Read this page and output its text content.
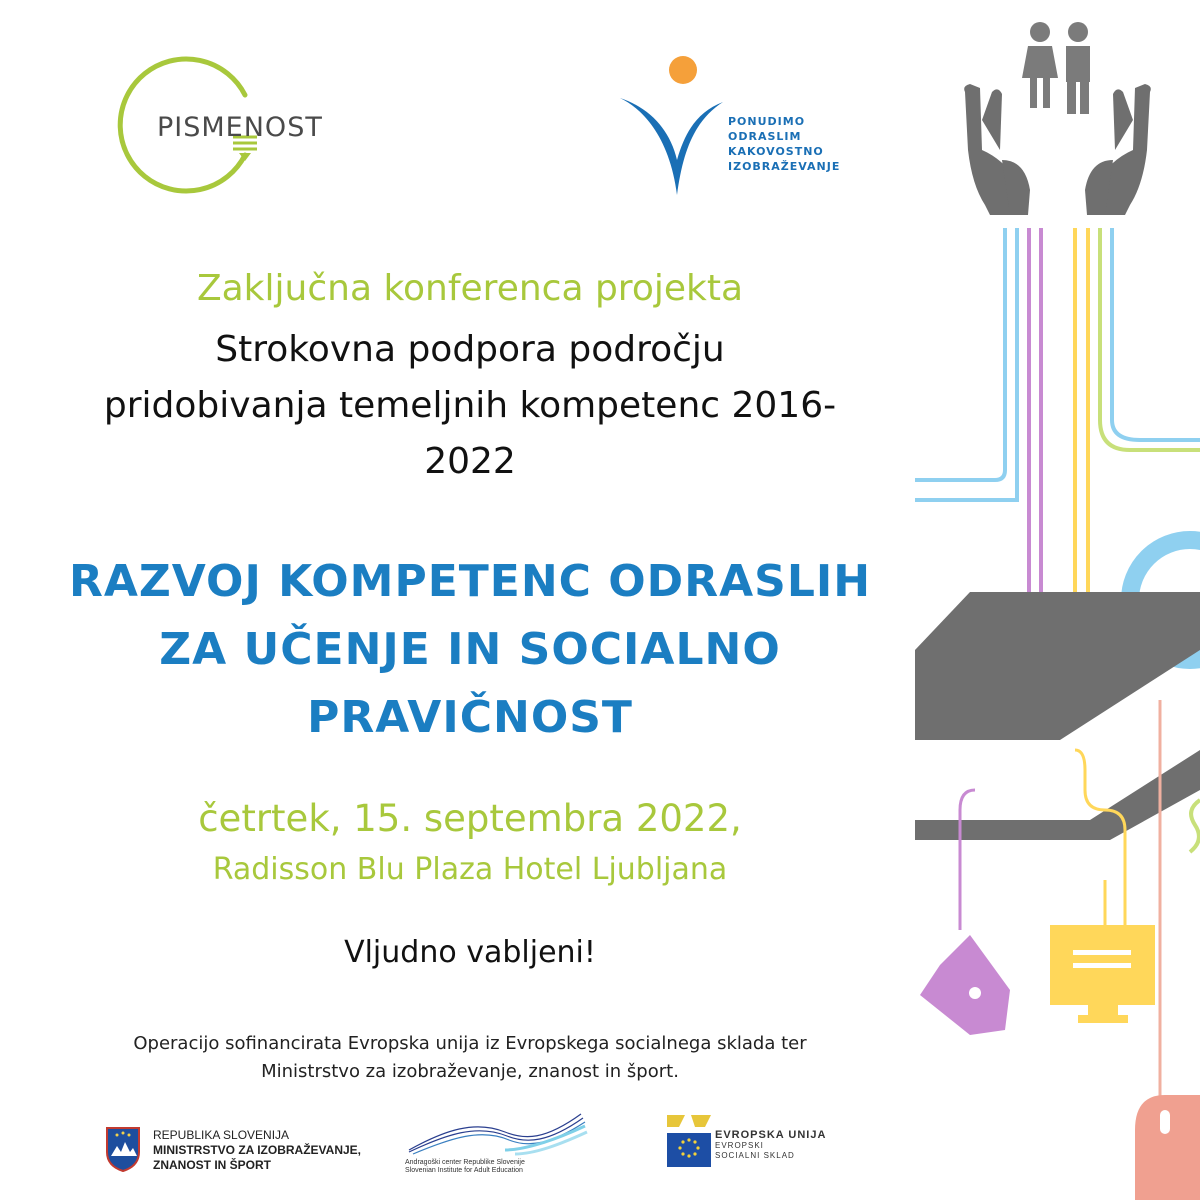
PISMENOST	PONUDIMO
ODRASLIM
KAKOVOSTNO
IZOBRAŽEVANJE
Zaključna konferenca projekta
Strokovna podpora področju
pridobivanja temeljnih kompetenc 2016-
2022
RAZVOJ KOMPETENC ODRASLIH
ZA UČENJE IN SOCIALNO
PRAVIČNOST
četrtek, 15. septembra 2022,
Radisson Blu Plaza Hotel Ljubljana
Vljudno vabljeni!
Operacijo sofinancirata Evropska unija iz Evropskega socialnega sklada ter
Ministrstvo za izobraževanje, znanost in šport.
REPUBLIKA SLOVENIJA
MINISTRSTVO ZA IZOBRAŽEVANJE,
ZNANOST IN ŠPORT	Andragoški center Republike Slovenije
Slovenian Institute for Adult Education
EVROPSKA UNIJA
EVROPSKI
SOCIALNI SKLAD
